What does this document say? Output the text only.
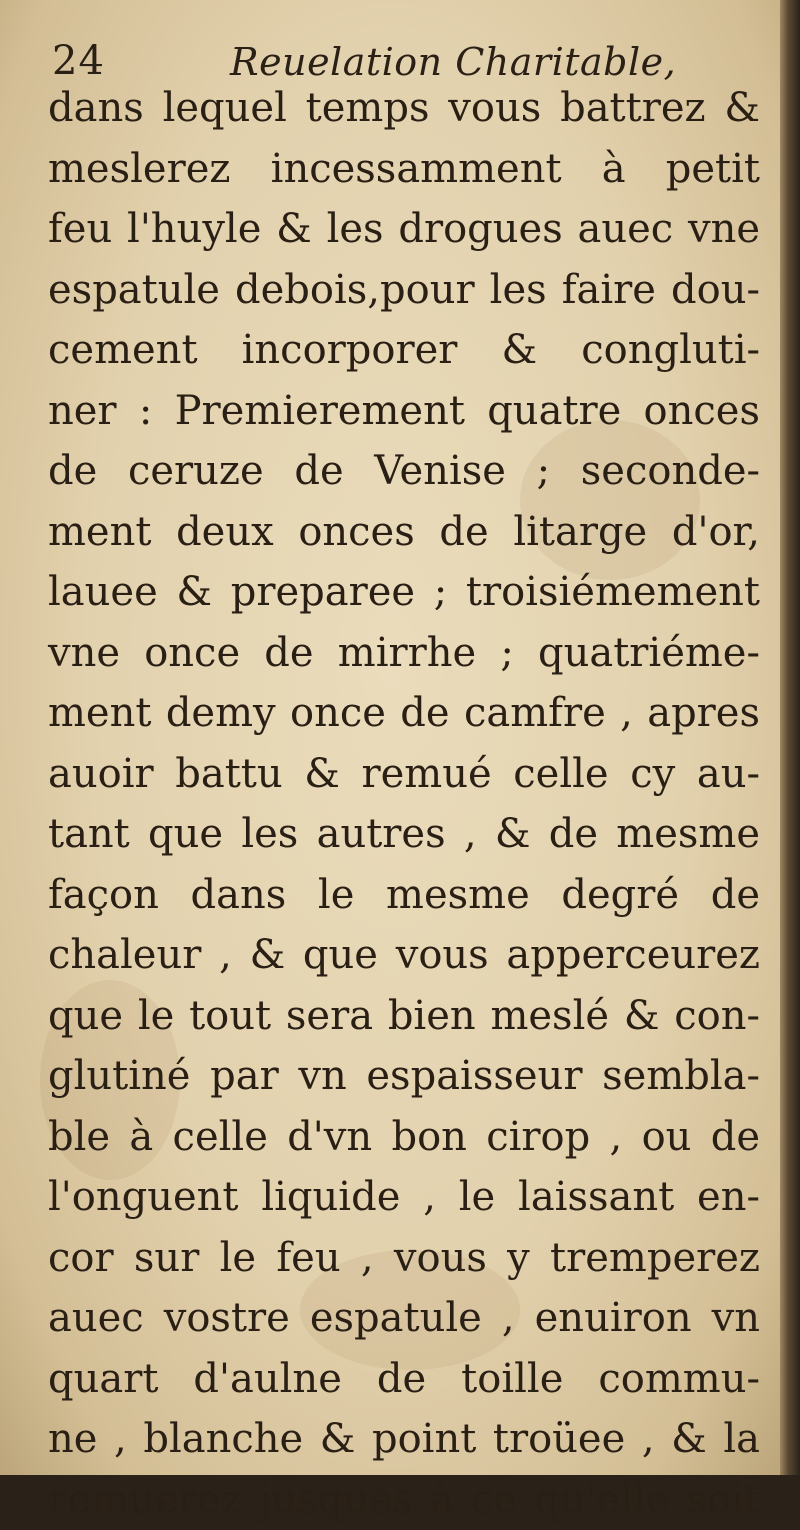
24	Reuelation Charitable,
dans lequel temps vous battrez &
meslerez incessamment à petit
feu l'huyle & les drogues auec vne
espatule debois,pour les faire dou-
cement incorporer & congluti-
ner : Premierement quatre onces
de ceruze de Venise ; seconde-
ment deux onces de litarge d'or,
lauee & preparee ; troisiémement
vne once de mirrhe ; quatriéme-
ment demy once de camfre , apres
auoir battu & remué celle cy au-
tant que les autres , & de mesme
façon dans le mesme degré de
chaleur , & que vous apperceurez
que le tout sera bien meslé & con-
glutiné par vn espaisseur sembla-
ble à celle d'vn bon cirop , ou de
l'onguent liquide , le laissant en-
cor sur le feu , vous y tremperez
auec vostre espatule , enuiron vn
quart d'aulne de toille commu-
ne , blanche & point troüee , & la
remuerez jusques à ce qu'elle soit
